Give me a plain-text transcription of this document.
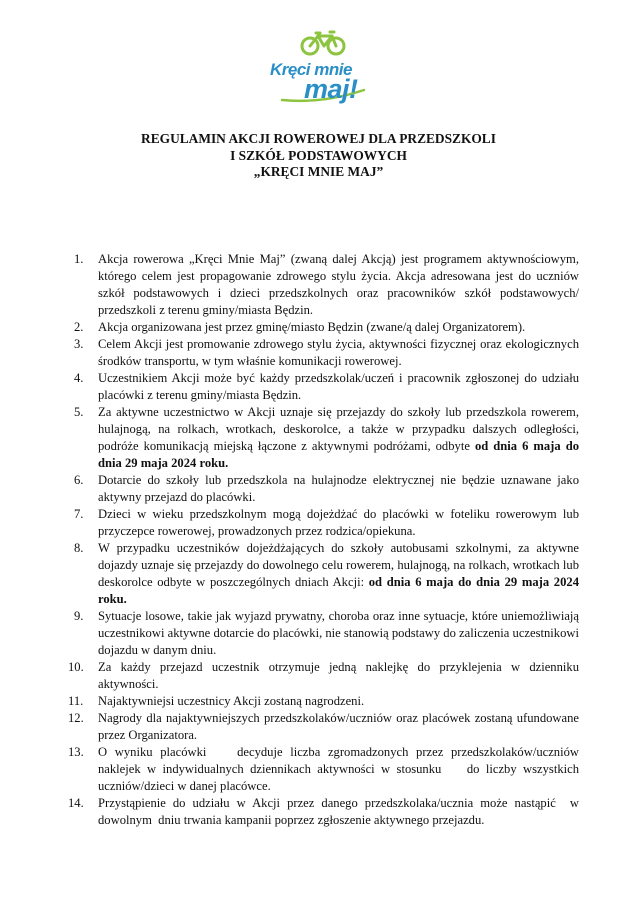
Kręci mnie
maj!
REGULAMIN AKCJI ROWEROWEJ DLA PRZEDSZKOLI
I SZKÓŁ PODSTAWOWYCH
„KRĘCI MNIE MAJ”
1.	Akcja rowerowa „Kręci Mnie Maj” (zwaną dalej Akcją) jest programem aktywnościowym, którego celem jest propagowanie zdrowego stylu życia. Akcja adresowana jest do uczniów szkół podstawowych i dzieci przedszkolnych oraz pracowników szkół podstawowych/ przedszkoli z terenu gminy/miasta Będzin.
2.	Akcja organizowana jest przez gminę/miasto Będzin (zwane/ą dalej Organizatorem).
3.	Celem Akcji jest promowanie zdrowego stylu życia, aktywności fizycznej oraz ekologicznych środków transportu, w tym właśnie komunikacji rowerowej.
4.	Uczestnikiem Akcji może być każdy przedszkolak/uczeń i pracownik zgłoszonej do udziału placówki z terenu gminy/miasta Będzin.
5.	Za aktywne uczestnictwo w Akcji uznaje się przejazdy do szkoły lub przedszkola rowerem, hulajnogą, na rolkach, wrotkach, deskorolce, a także w przypadku dalszych odległości, podróże komunikacją miejską łączone z aktywnymi podróżami, odbyte od dnia 6 maja do dnia 29 maja 2024 roku.
6.	Dotarcie do szkoły lub przedszkola na hulajnodze elektrycznej nie będzie uznawane jako aktywny przejazd do placówki.
7.	Dzieci w wieku przedszkolnym mogą dojeżdżać do placówki w foteliku rowerowym lub przyczepce rowerowej, prowadzonych przez rodzica/opiekuna.
8.	W przypadku uczestników dojeżdżających do szkoły autobusami szkolnymi, za aktywne dojazdy uznaje się przejazdy do dowolnego celu rowerem, hulajnogą, na rolkach, wrotkach lub deskorolce odbyte w poszczególnych dniach Akcji: od dnia 6 maja do dnia 29 maja 2024 roku.
9.	Sytuacje losowe, takie jak wyjazd prywatny, choroba oraz inne sytuacje, które uniemożliwiają uczestnikowi aktywne dotarcie do placówki, nie stanowią podstawy do zaliczenia uczestnikowi dojazdu w danym dniu.
10.	Za każdy przejazd uczestnik otrzymuje jedną naklejkę do przyklejenia w dzienniku aktywności.
11.	Najaktywniejsi uczestnicy Akcji zostaną nagrodzeni.
12.	Nagrody dla najaktywniejszych przedszkolaków/uczniów oraz placówek zostaną ufundowane przez Organizatora.
13.	O wyniku placówki    decyduje liczba zgromadzonych przez przedszkolaków/uczniów naklejek w indywidualnych dziennikach aktywności w stosunku    do liczby wszystkich uczniów/dzieci w danej placówce.
14.	Przystąpienie do udziału w Akcji przez danego przedszkolaka/ucznia może nastąpić  w dowolnym  dniu trwania kampanii poprzez zgłoszenie aktywnego przejazdu.
